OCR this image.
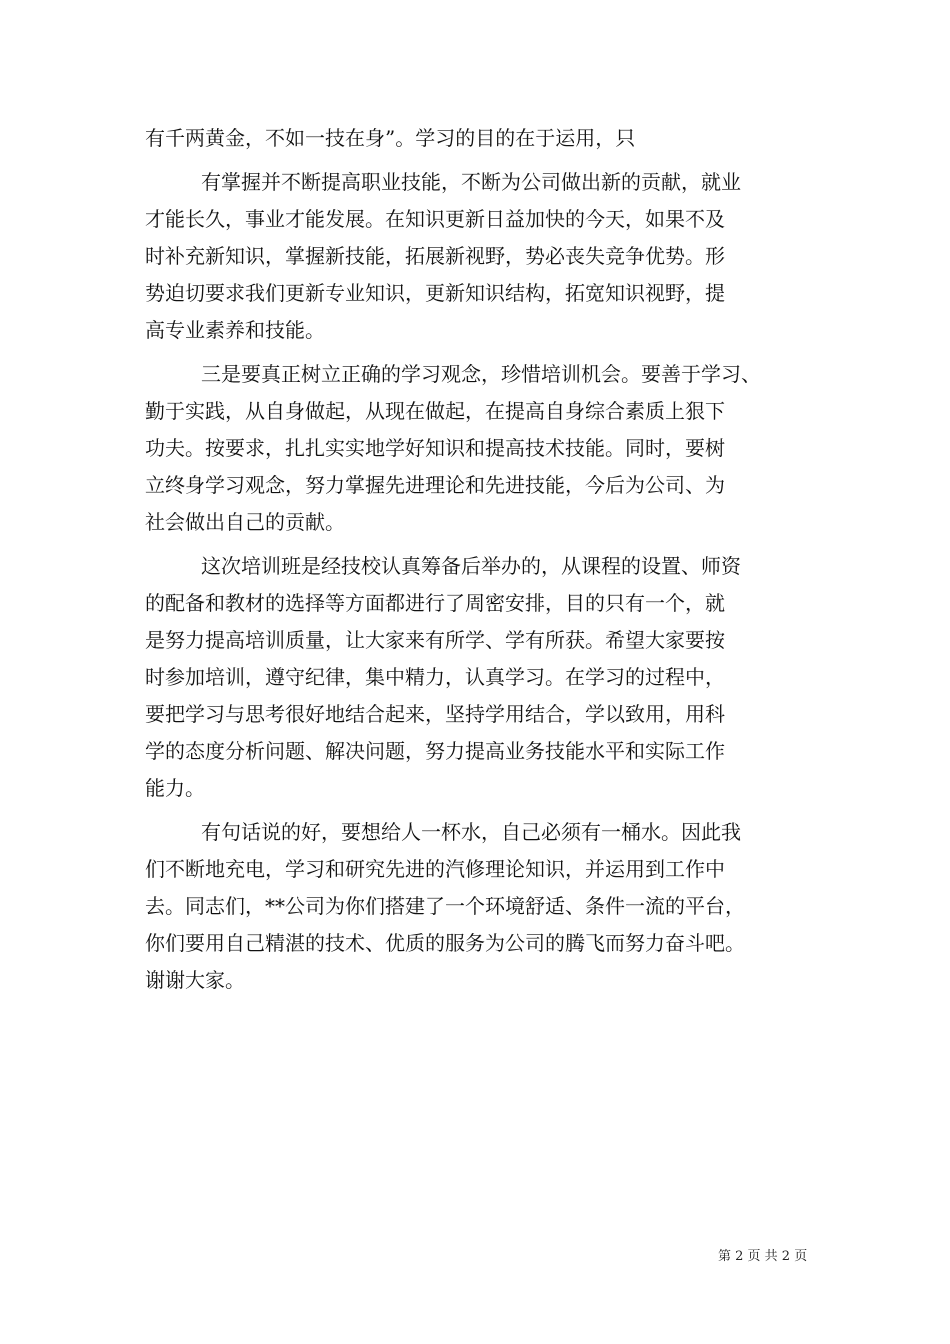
有千两黄金，不如一技在身”。学习的目的在于运用，只
有掌握并不断提高职业技能，不断为公司做出新的贡献，就业
才能长久，事业才能发展。在知识更新日益加快的今天，如果不及
时补充新知识，掌握新技能，拓展新视野，势必丧失竞争优势。形
势迫切要求我们更新专业知识，更新知识结构，拓宽知识视野，提
高专业素养和技能。
三是要真正树立正确的学习观念，珍惜培训机会。要善于学习、
勤于实践，从自身做起，从现在做起，在提高自身综合素质上狠下
功夫。按要求，扎扎实实地学好知识和提高技术技能。同时，要树
立终身学习观念，努力掌握先进理论和先进技能，今后为公司、为
社会做出自己的贡献。
这次培训班是经技校认真筹备后举办的，从课程的设置、师资
的配备和教材的选择等方面都进行了周密安排，目的只有一个，就
是努力提高培训质量，让大家来有所学、学有所获。希望大家要按
时参加培训，遵守纪律，集中精力，认真学习。在学习的过程中，
要把学习与思考很好地结合起来，坚持学用结合，学以致用，用科
学的态度分析问题、解决问题，努力提高业务技能水平和实际工作
能力。
有句话说的好，要想给人一杯水，自己必须有一桶水。因此我
们不断地充电，学习和研究先进的汽修理论知识，并运用到工作中
去。同志们，**公司为你们搭建了一个环境舒适、条件一流的平台，
你们要用自己精湛的技术、优质的服务为公司的腾飞而努力奋斗吧。
谢谢大家。
第 2 页 共 2 页
